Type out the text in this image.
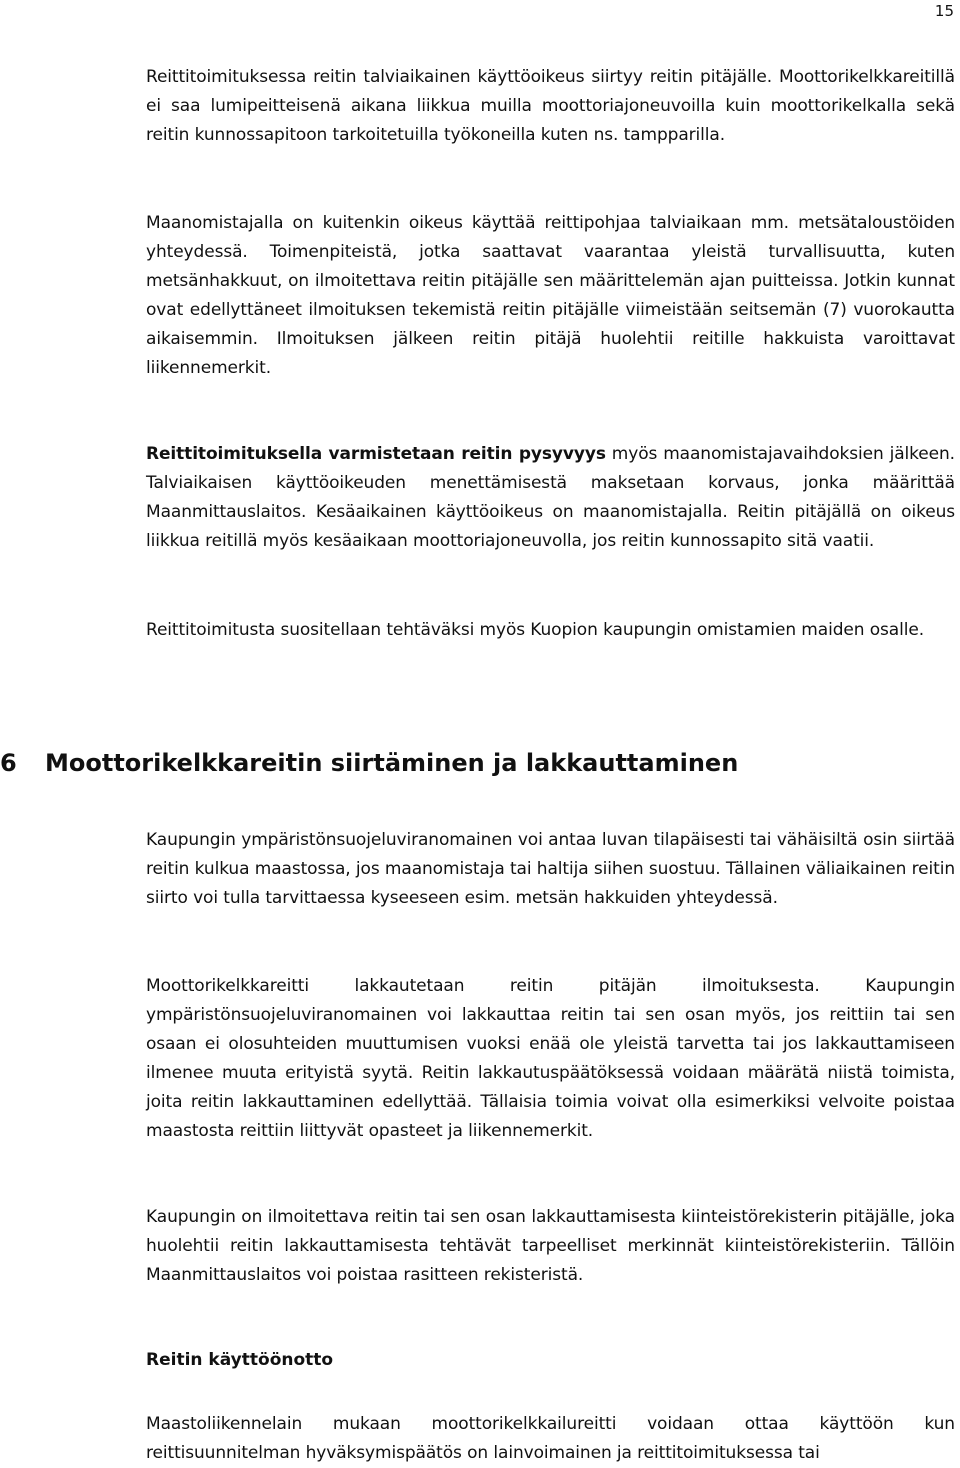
15

Reittitoimituksessa reitin talviaikainen käyttöoikeus siirtyy reitin pitäjälle. Moottorikelkkareitillä ei saa lumipeitteisenä aikana liikkua muilla moottoriajoneuvoilla kuin moottorikelkalla sekä reitin kunnossapitoon tarkoitetuilla työkoneilla kuten ns. tampparilla.

Maanomistajalla on kuitenkin oikeus käyttää reittipohjaa talviaikaan mm. metsätaloustöiden yhteydessä. Toimenpiteistä, jotka saattavat vaarantaa yleistä turvallisuutta, kuten metsänhakkuut, on ilmoitettava reitin pitäjälle sen määrittelemän ajan puitteissa. Jotkin kunnat ovat edellyttäneet ilmoituksen tekemistä reitin pitäjälle viimeistään seitsemän (7) vuorokautta aikaisemmin. Ilmoituksen jälkeen reitin pitäjä huolehtii reitille hakkuista varoittavat liikennemerkit.

Reittitoimituksella varmistetaan reitin pysyvyys myös maanomistajavaihdoksien jälkeen. Talviaikaisen käyttöoikeuden menettämisestä maksetaan korvaus, jonka määrittää Maanmittauslaitos. Kesäaikainen käyttöoikeus on maanomistajalla. Reitin pitäjällä on oikeus liikkua reitillä myös kesäaikaan moottoriajoneuvolla, jos reitin kunnossapito sitä vaatii.

Reittitoimitusta suositellaan tehtäväksi myös Kuopion kaupungin omistamien maiden osalle.

6 Moottorikelkkareitin siirtäminen ja lakkauttaminen

Kaupungin ympäristönsuojeluviranomainen voi antaa luvan tilapäisesti tai vähäisiltä osin siirtää reitin kulkua maastossa, jos maanomistaja tai haltija siihen suostuu. Tällainen väliaikainen reitin siirto voi tulla tarvittaessa kyseeseen esim. metsän hakkuiden yhteydessä.

Moottorikelkkareitti lakkautetaan reitin pitäjän ilmoituksesta. Kaupungin ympäristönsuojeluviranomainen voi lakkauttaa reitin tai sen osan myös, jos reittiin tai sen osaan ei olosuhteiden muuttumisen vuoksi enää ole yleistä tarvetta tai jos lakkauttamiseen ilmenee muuta erityistä syytä. Reitin lakkautuspäätöksessä voidaan määrätä niistä toimista, joita reitin lakkauttaminen edellyttää. Tällaisia toimia voivat olla esimerkiksi velvoite poistaa maastosta reittiin liittyvät opasteet ja liikennemerkit.

Kaupungin on ilmoitettava reitin tai sen osan lakkauttamisesta kiinteistörekisterin pitäjälle, joka huolehtii reitin lakkauttamisesta tehtävät tarpeelliset merkinnät kiinteistörekisteriin. Tällöin Maanmittauslaitos voi poistaa rasitteen rekisteristä.

Reitin käyttöönotto

Maastoliikennelain mukaan moottorikelkkailureitti voidaan ottaa käyttöön kun reittisuunnitelman hyväksymispäätös on lainvoimainen ja reittitoimituksessa tai
